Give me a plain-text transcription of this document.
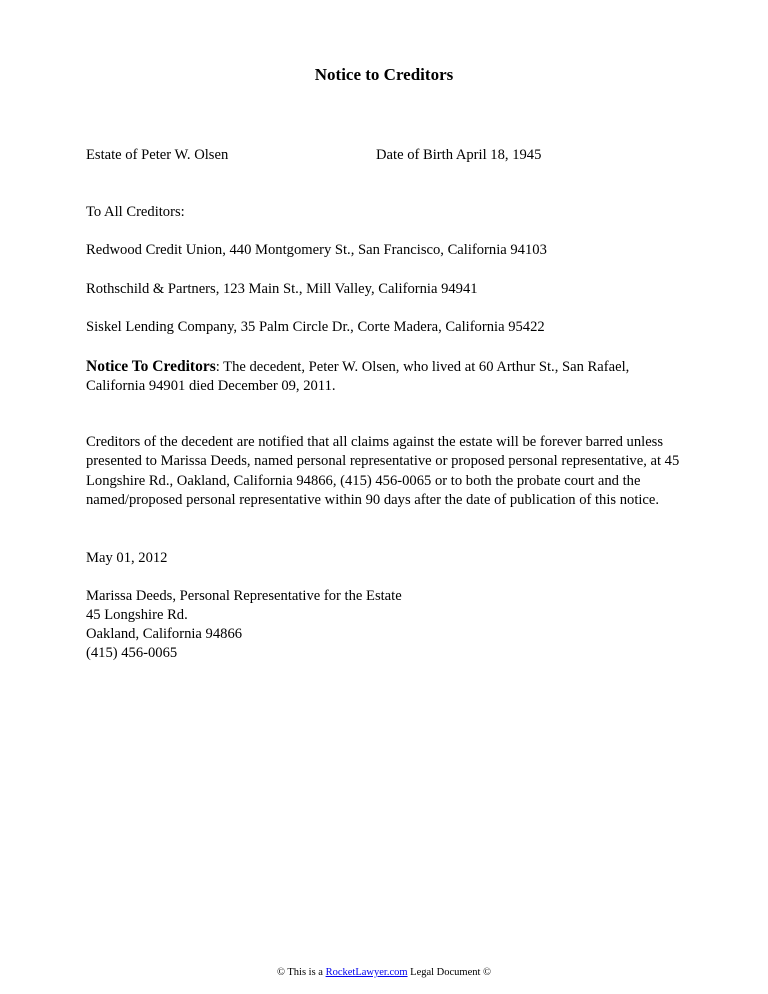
Notice to Creditors
Estate of Peter W. Olsen	Date of Birth April 18, 1945
To All Creditors:
Redwood Credit Union, 440 Montgomery St., San Francisco, California 94103
Rothschild & Partners, 123 Main St., Mill Valley, California 94941
Siskel Lending Company, 35 Palm Circle Dr., Corte Madera, California 95422
Notice To Creditors: The decedent, Peter W. Olsen, who lived at 60 Arthur St., San Rafael, California 94901 died December 09, 2011.
Creditors of the decedent are notified that all claims against the estate will be forever barred unless presented to Marissa Deeds, named personal representative or proposed personal representative, at 45 Longshire Rd., Oakland, California 94866, (415) 456-0065 or to both the probate court and the named/proposed personal representative within 90 days after the date of publication of this notice.
May 01, 2012
Marissa Deeds, Personal Representative for the Estate
45 Longshire Rd.
Oakland, California 94866
(415) 456-0065
© This is a RocketLawyer.com Legal Document ©
